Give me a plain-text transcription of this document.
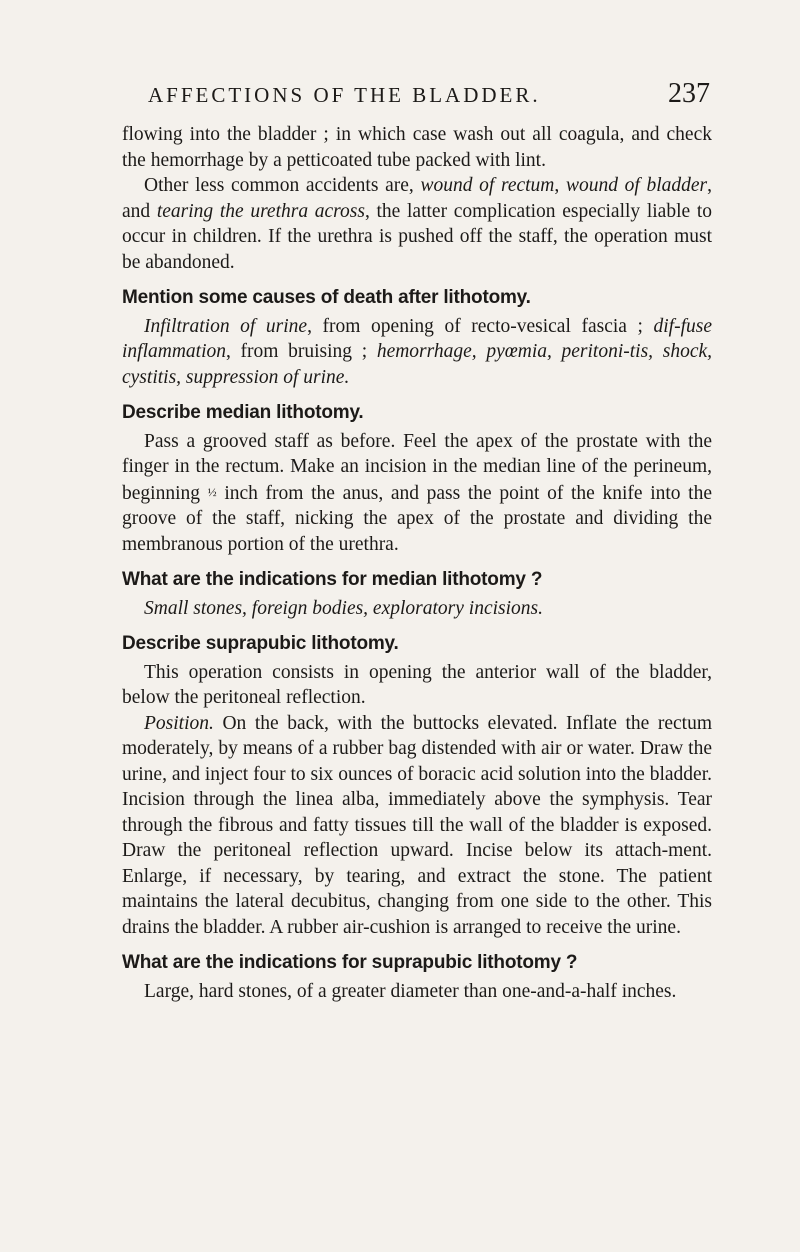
AFFECTIONS OF THE BLADDER.	237

flowing into the bladder ; in which case wash out all coagula, and check the hemorrhage by a petticoated tube packed with lint.

Other less common accidents are, wound of rectum, wound of bladder, and tearing the urethra across, the latter complication especially liable to occur in children. If the urethra is pushed off the staff, the operation must be abandoned.

Mention some causes of death after lithotomy.

Infiltration of urine, from opening of recto-vesical fascia ; dif-fuse inflammation, from bruising ; hemorrhage, pyœmia, peritoni-tis, shock, cystitis, suppression of urine.

Describe median lithotomy.

Pass a grooved staff as before. Feel the apex of the prostate with the finger in the rectum. Make an incision in the median line of the perineum, beginning ½ inch from the anus, and pass the point of the knife into the groove of the staff, nicking the apex of the prostate and dividing the membranous portion of the urethra.

What are the indications for median lithotomy ?

Small stones, foreign bodies, exploratory incisions.

Describe suprapubic lithotomy.

This operation consists in opening the anterior wall of the bladder, below the peritoneal reflection.

Position. On the back, with the buttocks elevated. Inflate the rectum moderately, by means of a rubber bag distended with air or water. Draw the urine, and inject four to six ounces of boracic acid solution into the bladder. Incision through the linea alba, immediately above the symphysis. Tear through the fibrous and fatty tissues till the wall of the bladder is exposed. Draw the peritoneal reflection upward. Incise below its attach-ment. Enlarge, if necessary, by tearing, and extract the stone. The patient maintains the lateral decubitus, changing from one side to the other. This drains the bladder. A rubber air-cushion is arranged to receive the urine.

What are the indications for suprapubic lithotomy ?

Large, hard stones, of a greater diameter than one-and-a-half inches.
